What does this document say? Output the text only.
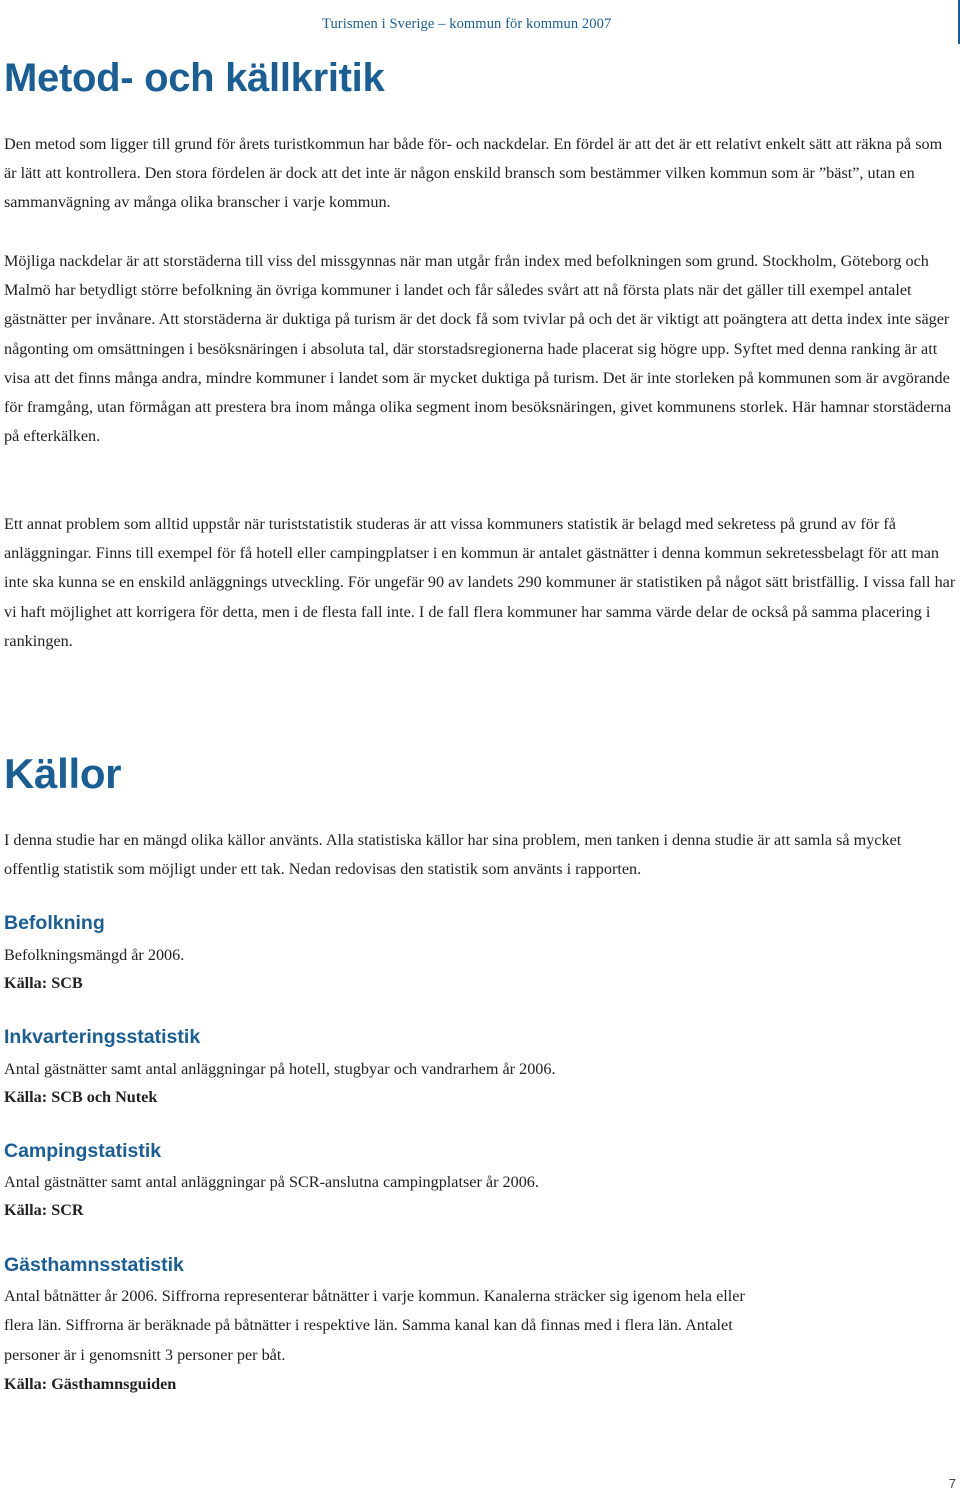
Turismen i Sverige – kommun för kommun 2007
Metod- och källkritik

Den metod som ligger till grund för årets turistkommun har både för- och nackdelar. En fördel är att det är ett relativt enkelt sätt att räkna på som är lätt att kontrollera. Den stora fördelen är dock att det inte är någon enskild bransch som bestämmer vilken kommun som är ”bäst”, utan en sammanvägning av många olika branscher i varje kommun.

Möjliga nackdelar är att storstäderna till viss del missgynnas när man utgår från index med befolkningen som grund. Stockholm, Göteborg och Malmö har betydligt större befolkning än övriga kommuner i landet och får således svårt att nå första plats när det gäller till exempel antalet gästnätter per invånare. Att storstäderna är duktiga på turism är det dock få som tvivlar på och det är viktigt att poängtera att detta index inte säger någonting om omsättningen i besöksnäringen i absoluta tal, där storstadsregionerna hade placerat sig högre upp. Syftet med denna ranking är att visa att det finns många andra, mindre kommuner i landet som är mycket duktiga på turism. Det är inte storleken på kommunen som är avgörande för framgång, utan förmågan att prestera bra inom många olika segment inom besöksnäringen, givet kommunens storlek. Här hamnar storstäderna på efterkälken.

Ett annat problem som alltid uppstår när turiststatistik studeras är att vissa kommuners statistik är belagd med sekretess på grund av för få anläggningar. Finns till exempel för få hotell eller campingplatser i en kommun är antalet gästnätter i denna kommun sekretessbelagt för att man inte ska kunna se en enskild anläggnings utveckling. För ungefär 90 av landets 290 kommuner är statistiken på något sätt bristfällig. I vissa fall har vi haft möjlighet att korrigera för detta, men i de flesta fall inte. I de fall flera kommuner har samma värde delar de också på samma placering i rankingen.

Källor

I denna studie har en mängd olika källor använts. Alla statistiska källor har sina problem, men tanken i denna studie är att samla så mycket offentlig statistik som möjligt under ett tak. Nedan redovisas den statistik som använts i rapporten.

Befolkning

Befolkningsmängd år 2006.

Källa: SCB

Inkvarteringsstatistik

Antal gästnätter samt antal anläggningar på hotell, stugbyar och vandrarhem år 2006.

Källa: SCB och Nutek

Campingstatistik

Antal gästnätter samt antal anläggningar på SCR-anslutna campingplatser år 2006.

Källa: SCR

Gästhamnsstatistik

Antal båtnätter år 2006. Siffrorna representerar båtnätter i varje kommun. Kanalerna sträcker sig igenom hela eller

flera län. Siffrorna är beräknade på båtnätter i respektive län. Samma kanal kan då finnas med i flera län. Antalet

personer är i genomsnitt 3 personer per båt.

Källa: Gästhamnsguiden

7
